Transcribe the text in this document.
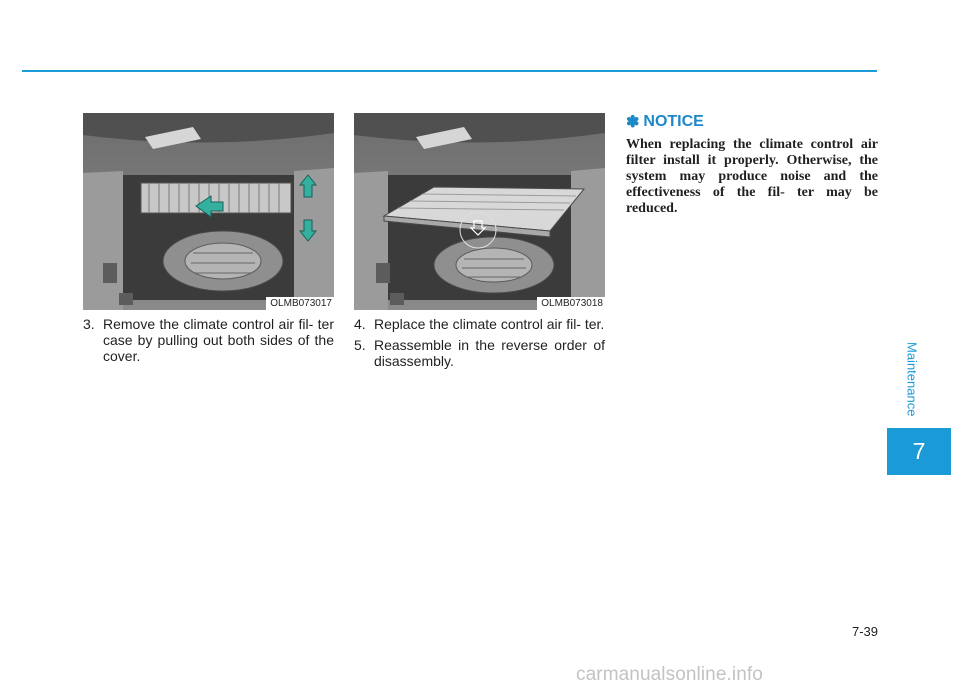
OLMB073017	OLMB073018
3. Remove the climate control air fil- ter case by pulling out both sides of the cover.
4. Replace the climate control air fil- ter.
5. Reassemble in the reverse order of disassembly.
✽ NOTICE
When replacing the climate control air filter install it properly. Otherwise, the system may produce noise and the effectiveness of the fil- ter may be reduced.
Maintenance
7
7-39
carmanualsonline.info
